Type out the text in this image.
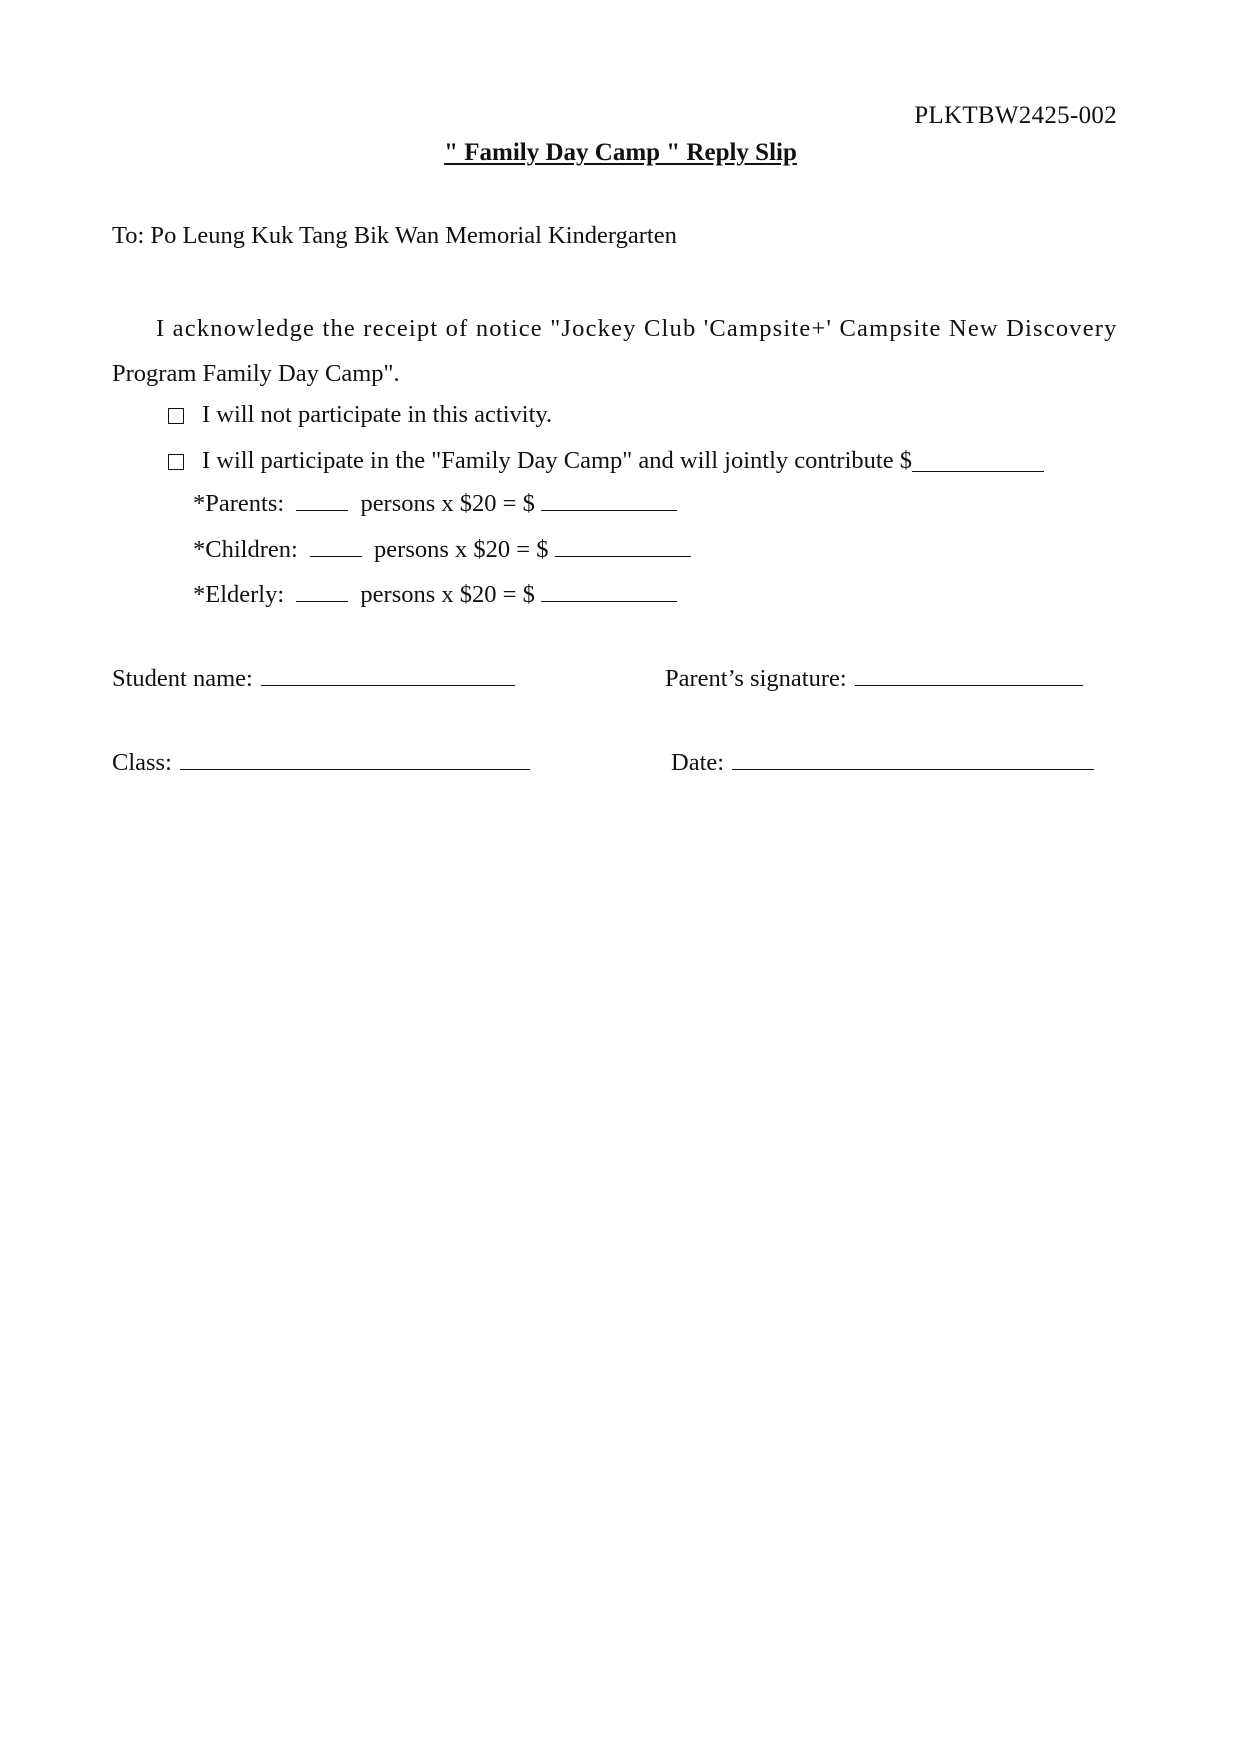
PLKTBW2425-002
" Family Day Camp " Reply Slip
To: Po Leung Kuk Tang Bik Wan Memorial Kindergarten
I acknowledge the receipt of notice "Jockey Club 'Campsite+' Campsite New Discovery
Program Family Day Camp".
I will not participate in this activity.
I will participate in the "Family Day Camp" and will jointly contribute $
*Parents:	persons x $20 = $
*Children:	persons x $20 = $
*Elderly:	persons x $20 = $
Student name:	Parent’s signature:
Class:	Date:
